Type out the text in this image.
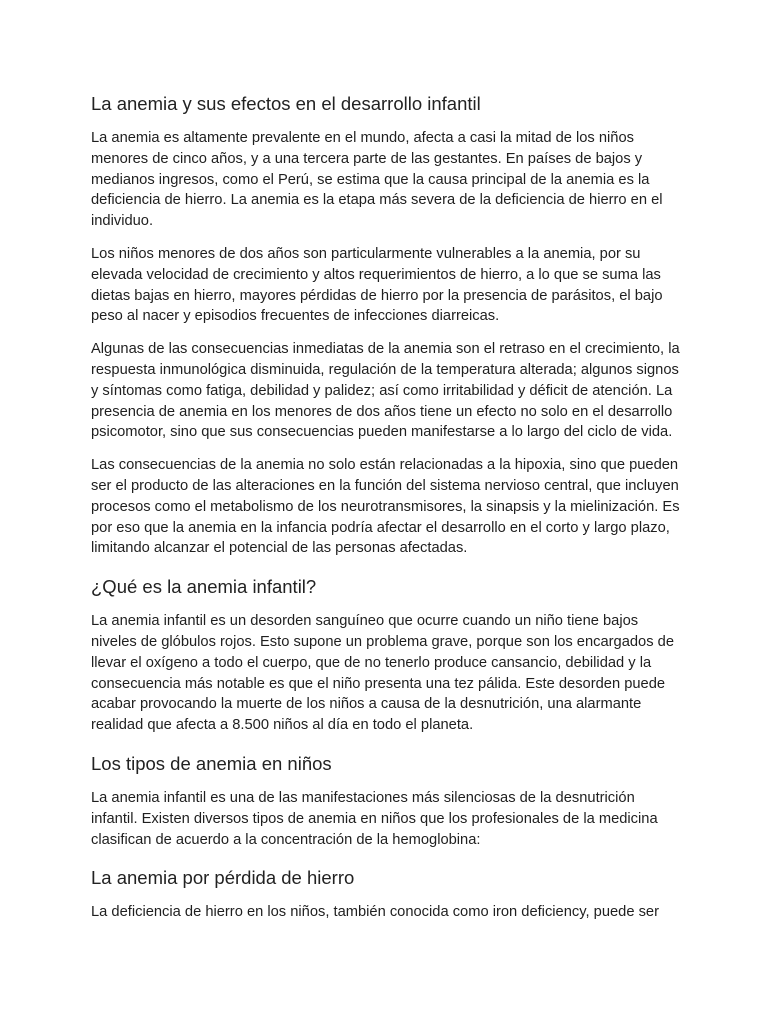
La anemia y sus efectos en el desarrollo infantil

La anemia es altamente prevalente en el mundo, afecta a casi la mitad de los niños menores de cinco años, y a una tercera parte de las gestantes. En países de bajos y medianos ingresos, como el Perú, se estima que la causa principal de la anemia es la deficiencia de hierro. La anemia es la etapa más severa de la deficiencia de hierro en el individuo.

Los niños menores de dos años son particularmente vulnerables a la anemia, por su elevada velocidad de crecimiento y altos requerimientos de hierro, a lo que se suma las dietas bajas en hierro, mayores pérdidas de hierro por la presencia de parásitos, el bajo peso al nacer y episodios frecuentes de infecciones diarreicas.

Algunas de las consecuencias inmediatas de la anemia son el retraso en el crecimiento, la respuesta inmunológica disminuida, regulación de la temperatura alterada; algunos signos y síntomas como fatiga, debilidad y palidez; así como irritabilidad y déficit de atención. La presencia de anemia en los menores de dos años tiene un efecto no solo en el desarrollo psicomotor, sino que sus consecuencias pueden manifestarse a lo largo del ciclo de vida.

Las consecuencias de la anemia no solo están relacionadas a la hipoxia, sino que pueden ser el producto de las alteraciones en la función del sistema nervioso central, que incluyen procesos como el metabolismo de los neurotransmisores, la sinapsis y la mielinización. Es por eso que la anemia en la infancia podría afectar el desarrollo en el corto y largo plazo, limitando alcanzar el potencial de las personas afectadas.

¿Qué es la anemia infantil?

La anemia infantil es un desorden sanguíneo que ocurre cuando un niño tiene bajos niveles de glóbulos rojos. Esto supone un problema grave, porque son los encargados de llevar el oxígeno a todo el cuerpo, que de no tenerlo produce cansancio, debilidad y la consecuencia más notable es que el niño presenta una tez pálida. Este desorden puede acabar provocando la muerte de los niños a causa de la desnutrición, una alarmante realidad que afecta a 8.500 niños al día en todo el planeta.

Los tipos de anemia en niños

La anemia infantil es una de las manifestaciones más silenciosas de la desnutrición infantil. Existen diversos tipos de anemia en niños que los profesionales de la medicina clasifican de acuerdo a la concentración de la hemoglobina:

La anemia por pérdida de hierro

La deficiencia de hierro en los niños, también conocida como iron deficiency, puede ser
